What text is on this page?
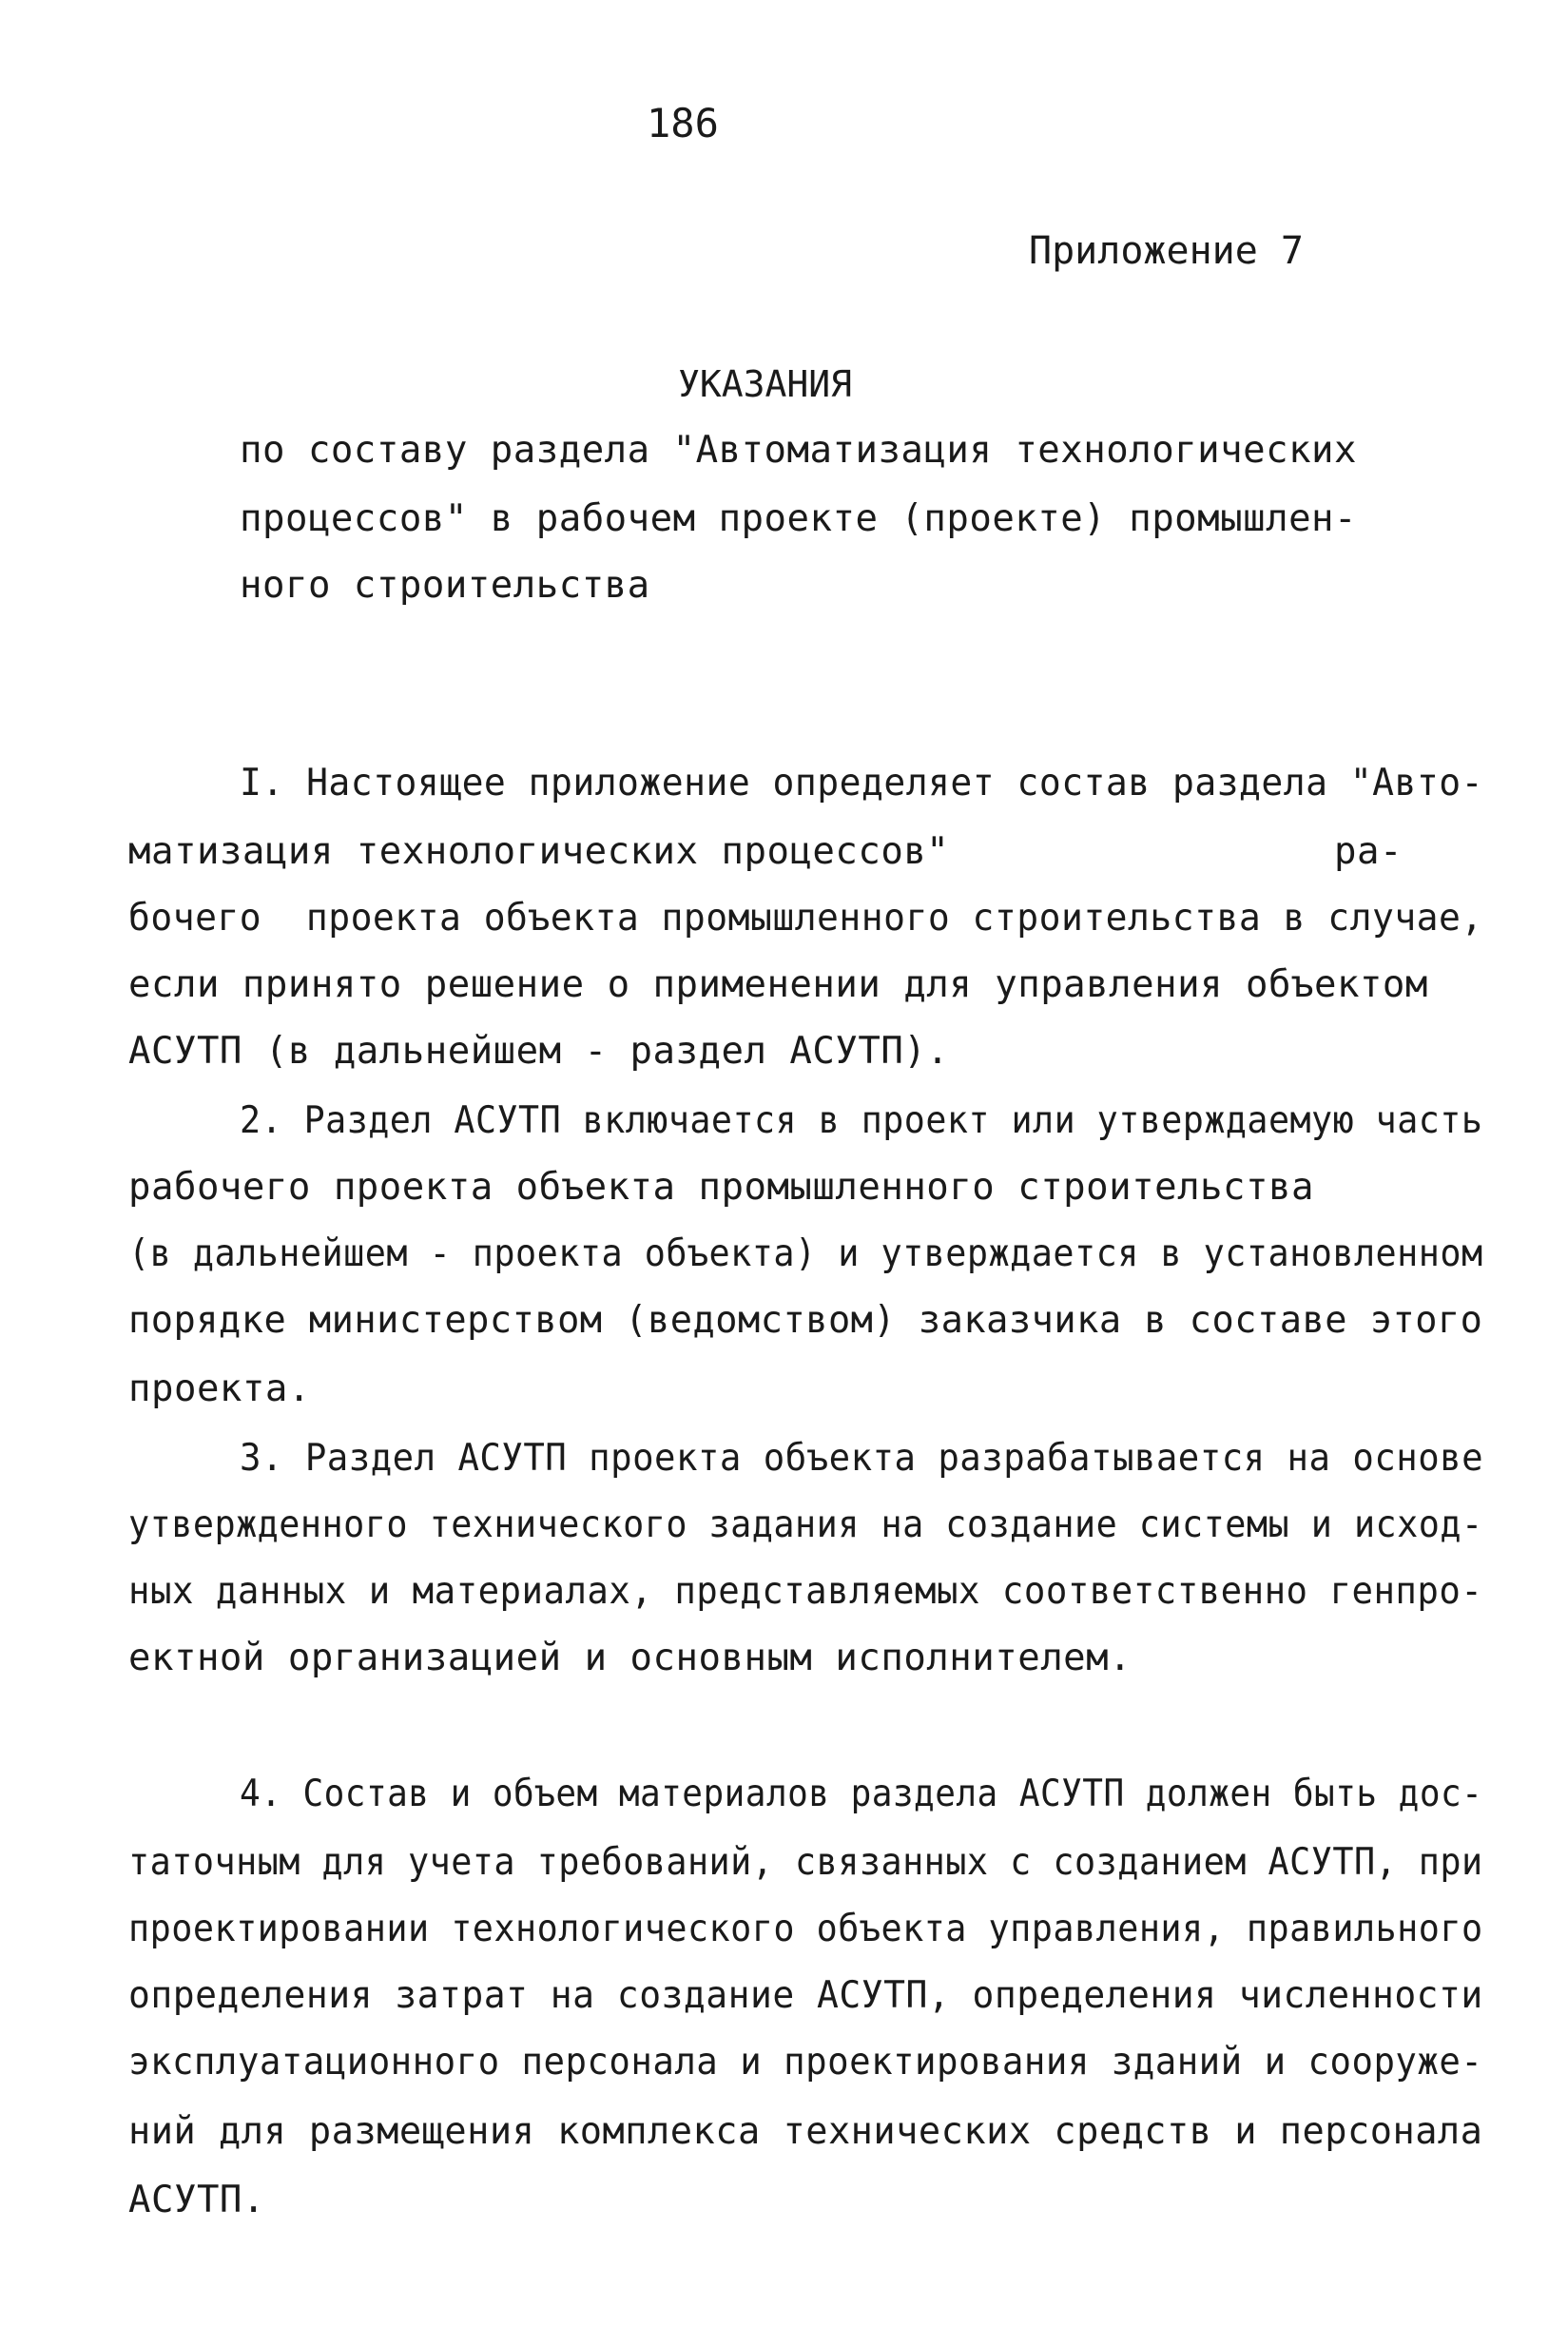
186
Приложение 7
УКАЗАНИЯ
по составу раздела "Автоматизация технологических
процессов" в рабочем проекте (проекте) промышлен-
ного строительства
I. Настоящее приложение определяет состав раздела "Авто-
матизация технологических процессов"	ра-
бочего  проекта объекта промышленного строительства в случае,
если принято решение о применении для управления объектом
АСУТП (в дальнейшем - раздел АСУТП).
2. Раздел АСУТП включается в проект или утверждаемую часть
рабочего проекта объекта промышленного строительства
(в дальнейшем - проекта объекта) и утверждается в установленном
порядке министерством (ведомством) заказчика в составе этого
проекта.
3. Раздел АСУТП проекта объекта разрабатывается на основе
утвержденного технического задания на создание системы и исход-
ных данных и материалах, представляемых соответственно генпро-
ектной организацией и основным исполнителем.
4. Состав и объем материалов раздела АСУТП должен быть дос-
таточным для учета требований, связанных с созданием АСУТП, при
проектировании технологического объекта управления, правильного
определения затрат на создание АСУТП, определения численности
эксплуатационного персонала и проектирования зданий и сооруже-
ний для размещения комплекса технических средств и персонала
АСУТП.
